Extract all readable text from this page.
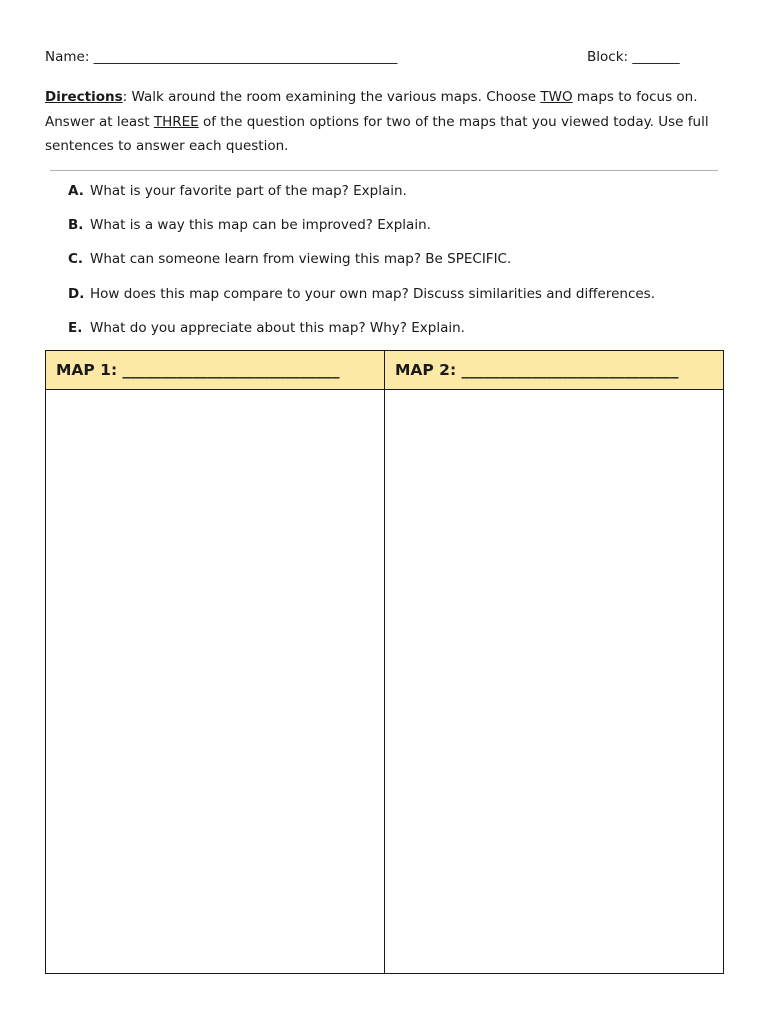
Name: _____________________________________________	Block: _______
Directions: Walk around the room examining the various maps. Choose TWO maps to focus on. Answer at least THREE of the question options for two of the maps that you viewed today. Use full sentences to answer each question.
A. What is your favorite part of the map? Explain.
B. What is a way this map can be improved? Explain.
C. What can someone learn from viewing this map? Be SPECIFIC.
D. How does this map compare to your own map? Discuss similarities and differences.
E. What do you appreciate about this map? Why? Explain.
MAP 1: ____________________________	MAP 2: ____________________________
